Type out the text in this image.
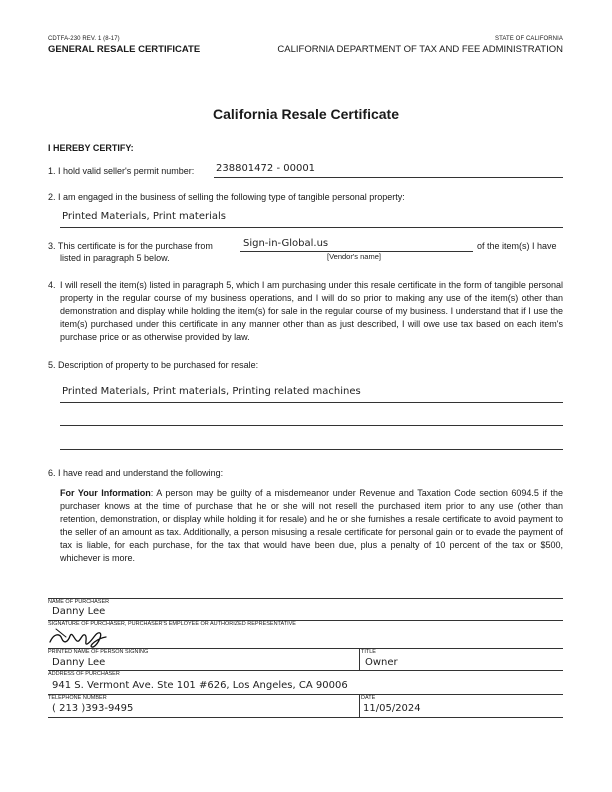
CDTFA-230 REV. 1 (8-17)
GENERAL RESALE CERTIFICATE
STATE OF CALIFORNIA
CALIFORNIA DEPARTMENT OF TAX AND FEE ADMINISTRATION
California Resale Certificate
I HEREBY CERTIFY:
1. I hold valid seller's permit number: 238801472 - 00001
2. I am engaged in the business of selling the following type of tangible personal property:
Printed Materials, Print materials
3. This certificate is for the purchase from	Sign-in-Global.us	of the item(s) I have
listed in paragraph 5 below.	[Vendor's name]
4. I will resell the item(s) listed in paragraph 5, which I am purchasing under this resale certificate in the form of tangible personal property in the regular course of my business operations, and I will do so prior to making any use of the item(s) other than demonstration and display while holding the item(s) for sale in the regular course of my business. I understand that if I use the item(s) purchased under this certificate in any manner other than as just described, I will owe use tax based on each item's purchase price or as otherwise provided by law.
5. Description of property to be purchased for resale:
Printed Materials, Print materials, Printing related machines
6. I have read and understand the following:
For Your Information: A person may be guilty of a misdemeanor under Revenue and Taxation Code section 6094.5 if the purchaser knows at the time of purchase that he or she will not resell the purchased item prior to any use (other than retention, demonstration, or display while holding it for resale) and he or she furnishes a resale certificate to avoid payment to the seller of an amount as tax. Additionally, a person misusing a resale certificate for personal gain or to evade the payment of tax is liable, for each purchase, for the tax that would have been due, plus a penalty of 10 percent of the tax or $500, whichever is more.
NAME OF PURCHASER
Danny Lee
SIGNATURE OF PURCHASER, PURCHASER'S EMPLOYEE OR AUTHORIZED REPRESENTATIVE
PRINTED NAME OF PERSON SIGNING	TITLE
Danny Lee	Owner
ADDRESS OF PURCHASER
941 S. Vermont Ave. Ste 101 #626, Los Angeles, CA 90006
TELEPHONE NUMBER	DATE
( 213 )393-9495	11/05/2024
